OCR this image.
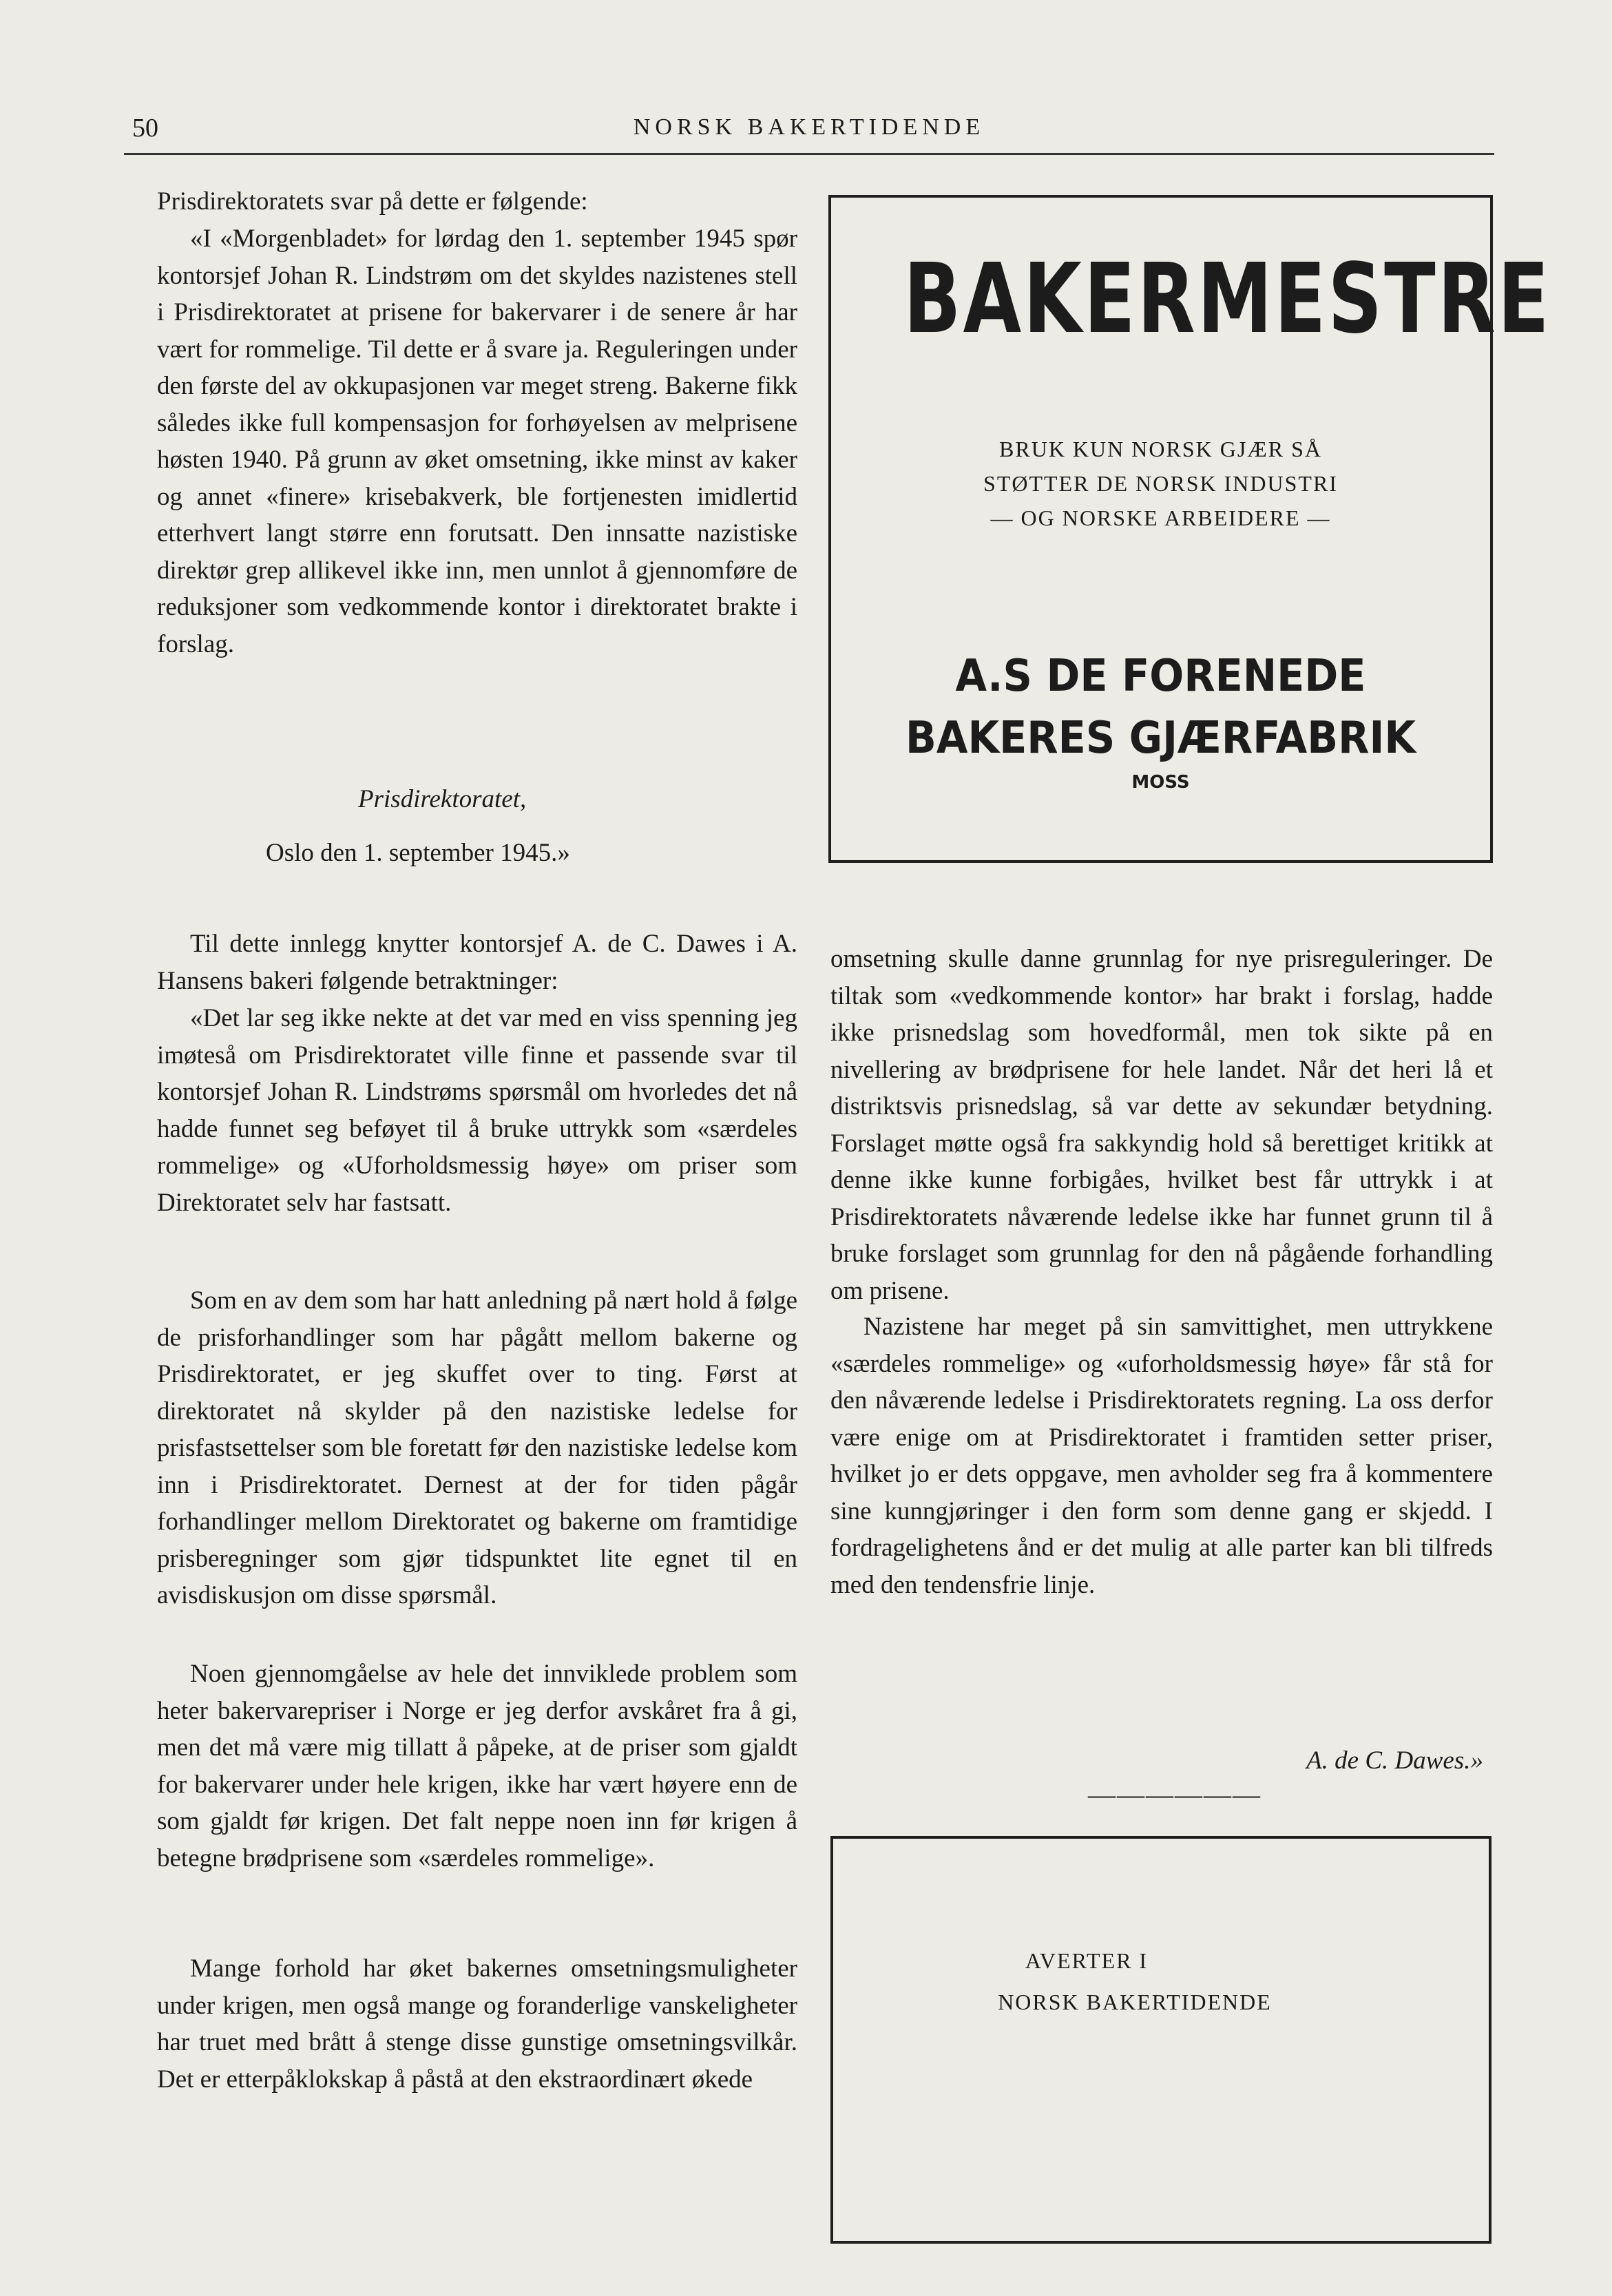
50	NORSK BAKERTIDENDE

Prisdirektoratets svar på dette er følgende:

«I «Morgenbladet» for lørdag den 1. september 1945 spør kontorsjef Johan R. Lindstrøm om det skyldes nazistenes stell i Prisdirektoratet at prisene for bakervarer i de senere år har vært for rommelige. Til dette er å svare ja. Reguleringen under den første del av okkupasjonen var meget streng. Bakerne fikk således ikke full kompensasjon for forhøyelsen av melprisene høsten 1940. På grunn av øket omsetning, ikke minst av kaker og annet «finere» krisebakverk, ble fortjenesten imidlertid etterhvert langt større enn forutsatt. Den innsatte nazistiske direktør grep allikevel ikke inn, men unnlot å gjennomføre de reduksjoner som vedkommende kontor i direktoratet brakte i forslag.

Prisdirektoratet,

Oslo den 1. september 1945.»

BAKERMESTRE

BRUK KUN NORSK GJÆR SÅ

STØTTER DE NORSK INDUSTRI

— OG NORSKE ARBEIDERE —

A.S DE FORENEDE

BAKERES GJÆRFABRIK

MOSS

Til dette innlegg knytter kontorsjef A. de C. Dawes i A. Hansens bakeri følgende betraktninger:

«Det lar seg ikke nekte at det var med en viss spenning jeg imøteså om Prisdirektoratet ville finne et passende svar til kontorsjef Johan R. Lindstrøms spørsmål om hvorledes det nå hadde funnet seg beføyet til å bruke uttrykk som «særdeles rommelige» og «Uforholdsmessig høye» om priser som Direktoratet selv har fastsatt.

Som en av dem som har hatt anledning på nært hold å følge de prisforhandlinger som har pågått mellom bakerne og Prisdirektoratet, er jeg skuffet over to ting. Først at direktoratet nå skylder på den nazistiske ledelse for prisfastsettelser som ble foretatt før den nazistiske ledelse kom inn i Prisdirektoratet. Dernest at der for tiden pågår forhandlinger mellom Direktoratet og bakerne om framtidige prisberegninger som gjør tidspunktet lite egnet til en avisdiskusjon om disse spørsmål.

Noen gjennomgåelse av hele det innviklede problem som heter bakervarepriser i Norge er jeg derfor avskåret fra å gi, men det må være mig tillatt å påpeke, at de priser som gjaldt for bakervarer under hele krigen, ikke har vært høyere enn de som gjaldt før krigen. Det falt neppe noen inn før krigen å betegne brødprisene som «særdeles rommelige».

Mange forhold har øket bakernes omsetningsmuligheter under krigen, men også mange og foranderlige vanskeligheter har truet med brått å stenge disse gunstige omsetningsvilkår. Det er etterpåklokskap å påstå at den ekstraordinært økede

omsetning skulle danne grunnlag for nye prisreguleringer. De tiltak som «vedkommende kontor» har brakt i forslag, hadde ikke prisnedslag som hovedformål, men tok sikte på en nivellering av brødprisene for hele landet. Når det heri lå et distriktsvis prisnedslag, så var dette av sekundær betydning. Forslaget møtte også fra sakkyndig hold så berettiget kritikk at denne ikke kunne forbigåes, hvilket best får uttrykk i at Prisdirektoratets nåværende ledelse ikke har funnet grunn til å bruke forslaget som grunnlag for den nå pågående forhandling om prisene.

Nazistene har meget på sin samvittighet, men uttrykkene «særdeles rommelige» og «uforholdsmessig høye» får stå for den nåværende ledelse i Prisdirektoratets regning. La oss derfor være enige om at Prisdirektoratet i framtiden setter priser, hvilket jo er dets oppgave, men avholder seg fra å kommentere sine kunngjøringer i den form som denne gang er skjedd. I fordragelighetens ånd er det mulig at alle parter kan bli tilfreds med den tendensfrie linje.

A. de C. Dawes.»

——————

AVERTER I

NORSK BAKERTIDENDE
